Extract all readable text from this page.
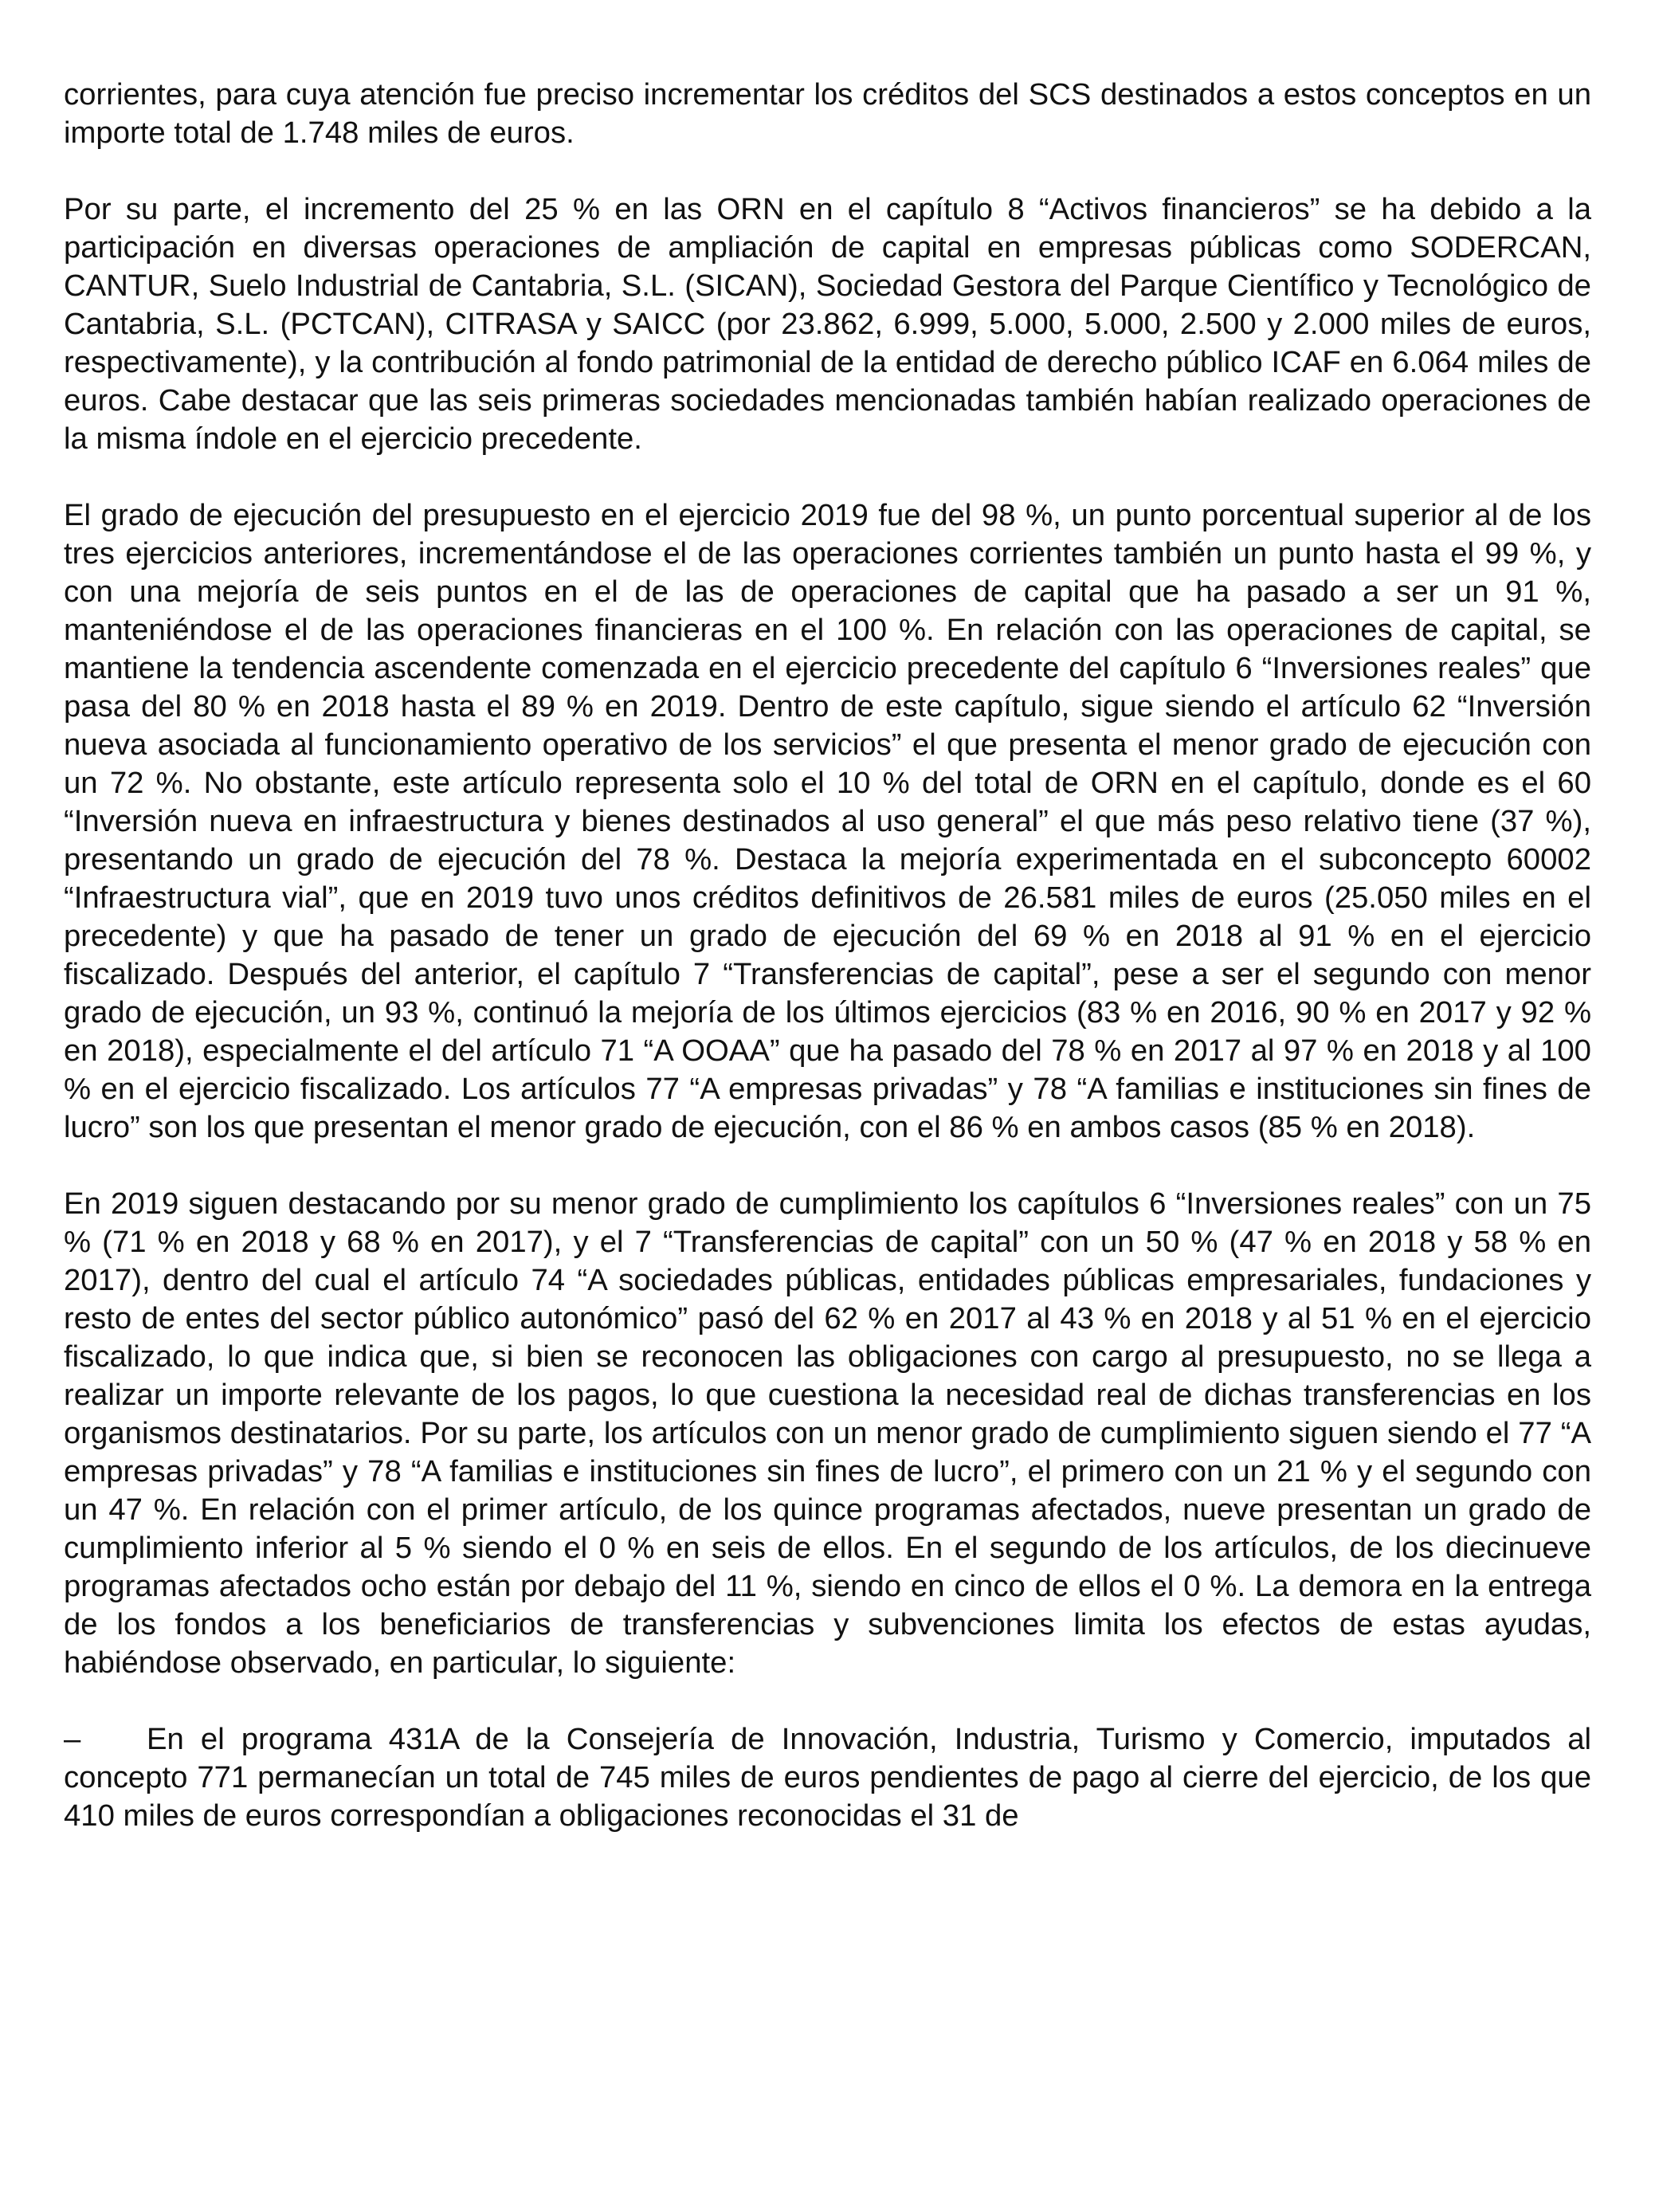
corrientes, para cuya atención fue preciso incrementar los créditos del SCS destinados a estos conceptos en un importe total de 1.748 miles de euros.

Por su parte, el incremento del 25 % en las ORN en el capítulo 8 “Activos financieros” se ha debido a la participación en diversas operaciones de ampliación de capital en empresas públicas como SODERCAN, CANTUR, Suelo Industrial de Cantabria, S.L. (SICAN), Sociedad Gestora del Parque Científico y Tecnológico de Cantabria, S.L. (PCTCAN), CITRASA y SAICC (por 23.862, 6.999, 5.000, 5.000, 2.500 y 2.000 miles de euros, respectivamente), y la contribución al fondo patrimonial de la entidad de derecho público ICAF en 6.064 miles de euros. Cabe destacar que las seis primeras sociedades mencionadas también habían realizado operaciones de la misma índole en el ejercicio precedente.

El grado de ejecución del presupuesto en el ejercicio 2019 fue del 98 %, un punto porcentual superior al de los tres ejercicios anteriores, incrementándose el de las operaciones corrientes también un punto hasta el 99 %, y con una mejoría de seis puntos en el de las de operaciones de capital que ha pasado a ser un 91 %, manteniéndose el de las operaciones financieras en el 100 %. En relación con las operaciones de capital, se mantiene la tendencia ascendente comenzada en el ejercicio precedente del capítulo 6 “Inversiones reales” que pasa del 80 % en 2018 hasta el 89 % en 2019. Dentro de este capítulo, sigue siendo el artículo 62 “Inversión nueva asociada al funcionamiento operativo de los servicios” el que presenta el menor grado de ejecución con un 72 %. No obstante, este artículo representa solo el 10 % del total de ORN en el capítulo, donde es el 60 “Inversión nueva en infraestructura y bienes destinados al uso general” el que más peso relativo tiene (37 %), presentando un grado de ejecución del 78 %. Destaca la mejoría experimentada en el subconcepto 60002 “Infraestructura vial”, que en 2019 tuvo unos créditos definitivos de 26.581 miles de euros (25.050 miles en el precedente) y que ha pasado de tener un grado de ejecución del 69 % en 2018 al 91 % en el ejercicio fiscalizado. Después del anterior, el capítulo 7 “Transferencias de capital”, pese a ser el segundo con menor grado de ejecución, un 93 %, continuó la mejoría de los últimos ejercicios (83 % en 2016, 90 % en 2017 y 92 % en 2018), especialmente el del artículo 71 “A OOAA” que ha pasado del 78 % en 2017 al 97 % en 2018 y al 100 % en el ejercicio fiscalizado. Los artículos 77 “A empresas privadas” y 78 “A familias e instituciones sin fines de lucro” son los que presentan el menor grado de ejecución, con el 86 % en ambos casos (85 % en 2018).

En 2019 siguen destacando por su menor grado de cumplimiento los capítulos 6 “Inversiones reales” con un 75 % (71 % en 2018 y 68 % en 2017), y el 7 “Transferencias de capital” con un 50 % (47 % en 2018 y 58 % en 2017), dentro del cual el artículo 74 “A sociedades públicas, entidades públicas empresariales, fundaciones y resto de entes del sector público autonómico” pasó del 62 % en 2017 al 43 % en 2018 y al 51 % en el ejercicio fiscalizado, lo que indica que, si bien se reconocen las obligaciones con cargo al presupuesto, no se llega a realizar un importe relevante de los pagos, lo que cuestiona la necesidad real de dichas transferencias en los organismos destinatarios. Por su parte, los artículos con un menor grado de cumplimiento siguen siendo el 77 “A empresas privadas” y 78 “A familias e instituciones sin fines de lucro”, el primero con un 21 % y el segundo con un 47 %. En relación con el primer artículo, de los quince programas afectados, nueve presentan un grado de cumplimiento inferior al 5 % siendo el 0 % en seis de ellos. En el segundo de los artículos, de los diecinueve programas afectados ocho están por debajo del 11 %, siendo en cinco de ellos el 0 %. La demora en la entrega de los fondos a los beneficiarios de transferencias y subvenciones limita los efectos de estas ayudas, habiéndose observado, en particular, lo siguiente:

– En el programa 431A de la Consejería de Innovación, Industria, Turismo y Comercio, imputados al concepto 771 permanecían un total de 745 miles de euros pendientes de pago al cierre del ejercicio, de los que 410 miles de euros correspondían a obligaciones reconocidas el 31 de
